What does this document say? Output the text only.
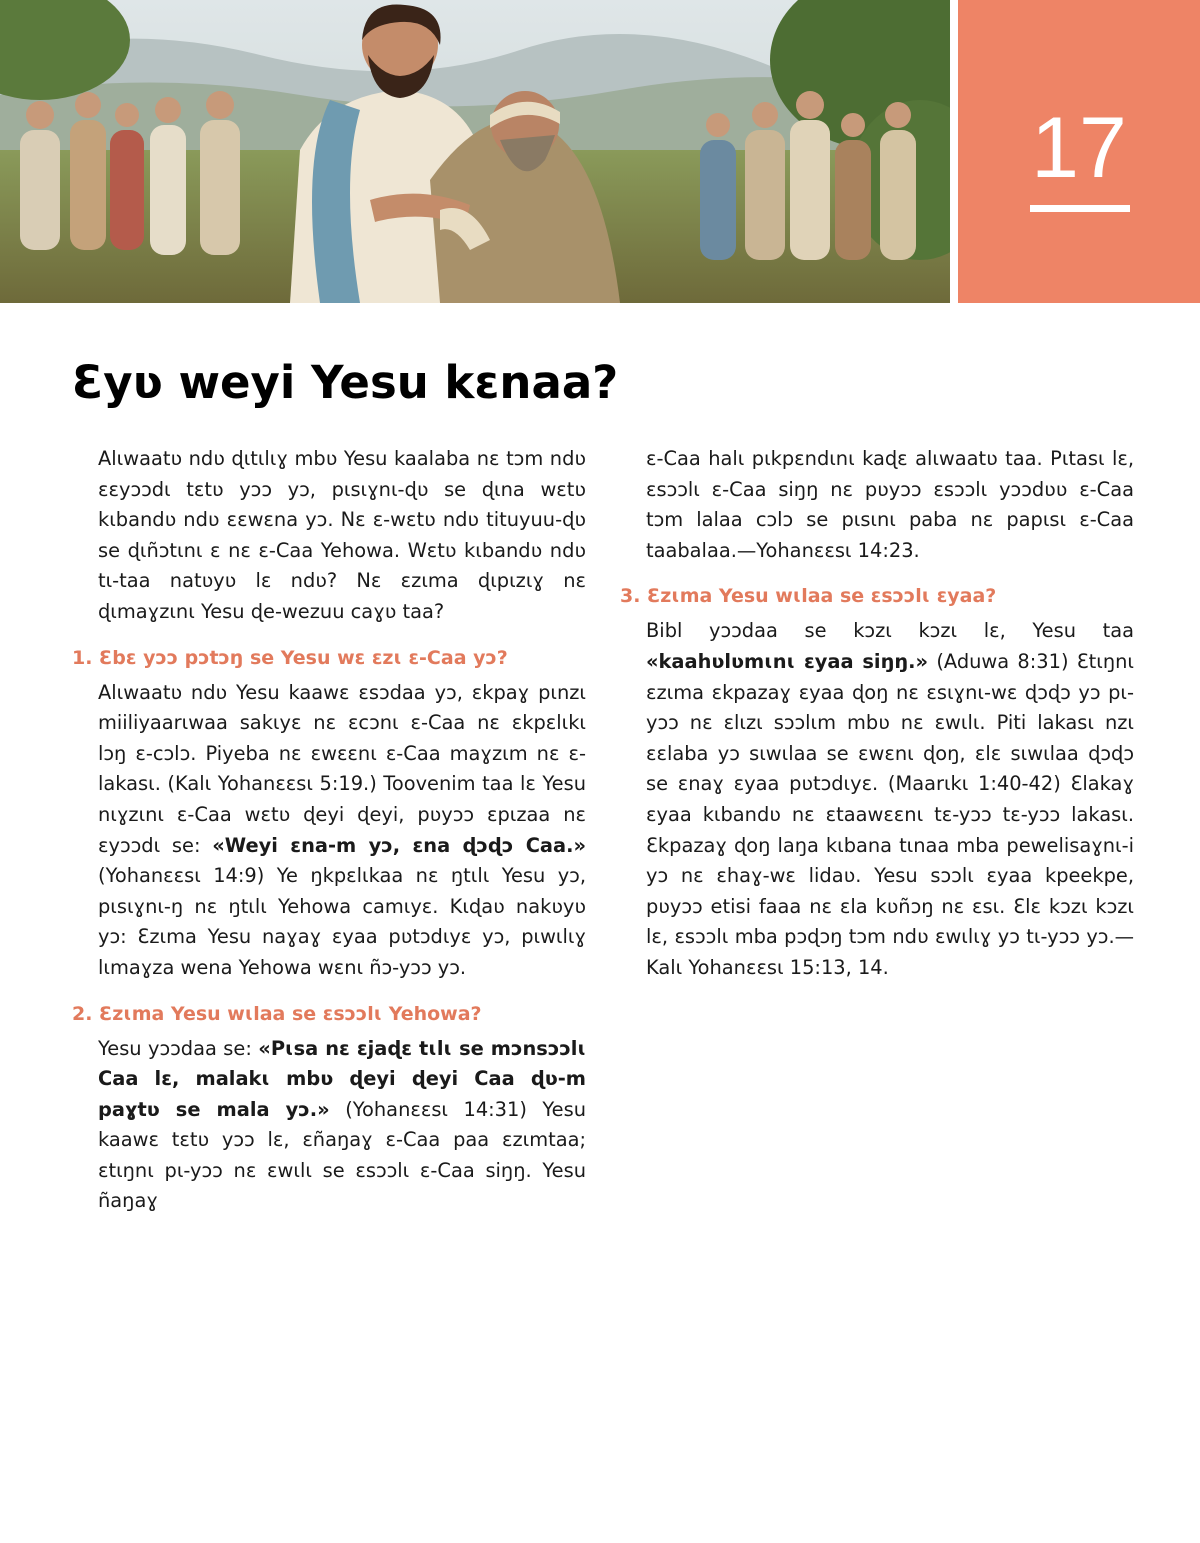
17
Ɛyʋ weyi Yesu kɛnaa?

Alɩwaatʋ ndʋ ɖɩtɩlɩɣ mbʋ Yesu kaalaba nɛ tɔm ndʋ ɛɛyɔɔdɩ tɛtʋ yɔɔ yɔ, pɩsɩɣnɩ-ɖʋ se ɖɩna wɛtʋ kɩbandʋ ndʋ ɛɛwɛna yɔ. Nɛ ɛ-wɛtʋ ndʋ tituyuu-ɖʋ se ɖɩñɔtɩnɩ ɛ nɛ ɛ-Caa Yehowa. Wɛtʋ kɩbandʋ ndʋ tɩ-taa natʋyʋ lɛ ndʋ? Nɛ ɛzɩma ɖɩpɩzɩɣ nɛ ɖɩmaɣzɩnɩ Yesu ɖe-wezuu caɣʋ taa?

1. Ɛbɛ yɔɔ pɔtɔŋ se Yesu wɛ ɛzɩ ɛ-Caa yɔ?

Alɩwaatʋ ndʋ Yesu kaawɛ ɛsɔdaa yɔ, ɛkpaɣ pɩnzɩ miiliyaarɩwaa sakɩyɛ nɛ ɛcɔnɩ ɛ-Caa nɛ ɛkpɛlɩkɩ lɔŋ ɛ-cɔlɔ. Piyeba nɛ ɛwɛɛnɩ ɛ-Caa maɣzɩm nɛ ɛ-lakasɩ. (Kalɩ Yohanɛɛsɩ 5:19.) Toovenim taa lɛ Yesu nɩɣzɩnɩ ɛ-Caa wɛtʋ ɖeyi ɖeyi, pʋyɔɔ ɛpɩzaa nɛ ɛyɔɔdɩ se: «Weyi ɛna-m yɔ, ɛna ɖɔɖɔ Caa.» (Yohanɛɛsɩ 14:9) Ye ŋkpɛlɩkaa nɛ ŋtɩlɩ Yesu yɔ, pɩsɩɣnɩ-ŋ nɛ ŋtɩlɩ Yehowa camɩyɛ. Kɩɖaʋ nakʋyʋ yɔ: Ɛzɩma Yesu naɣaɣ ɛyaa pʋtɔdɩyɛ yɔ, pɩwɩlɩɣ lɩmaɣza wena Yehowa wɛnɩ ñɔ-yɔɔ yɔ.

2. Ɛzɩma Yesu wɩlaa se ɛsɔɔlɩ Yehowa?

Yesu yɔɔdaa se: «Pɩsa nɛ ɛjaɖɛ tɩlɩ se mɔnsɔɔlɩ Caa lɛ, malakɩ mbʋ ɖeyi ɖeyi Caa ɖʋ-m paɣtʋ se mala yɔ.» (Yohanɛɛsɩ 14:31) Yesu kaawɛ tɛtʋ yɔɔ lɛ, ɛñaŋaɣ ɛ-Caa paa ɛzɩmtaa; ɛtɩŋnɩ pɩ-yɔɔ nɛ ɛwɩlɩ se ɛsɔɔlɩ ɛ-Caa siŋŋ. Yesu ñaŋaɣ

ɛ-Caa halɩ pɩkpɛndɩnɩ kaɖɛ alɩwaatʋ taa. Pɩtasɩ lɛ, ɛsɔɔlɩ ɛ-Caa siŋŋ nɛ pʋyɔɔ ɛsɔɔlɩ yɔɔdʋʋ ɛ-Caa tɔm lalaa cɔlɔ se pɩsɩnɩ paba nɛ papɩsɩ ɛ-Caa taabalaa.—Yohanɛɛsɩ 14:23.

3. Ɛzɩma Yesu wɩlaa se ɛsɔɔlɩ ɛyaa?

Bibl yɔɔdaa se kɔzɩ kɔzɩ lɛ, Yesu taa «kaahʋlʋmɩnɩ ɛyaa siŋŋ.» (Aduwa 8:31) Ɛtɩŋnɩ ɛzɩma ɛkpazaɣ ɛyaa ɖoŋ nɛ ɛsɩɣnɩ-wɛ ɖɔɖɔ yɔ pɩ-yɔɔ nɛ ɛlɩzɩ sɔɔlɩm mbʋ nɛ ɛwɩlɩ. Piti lakasɩ nzɩ ɛɛlaba yɔ sɩwɩlaa se ɛwɛnɩ ɖoŋ, ɛlɛ sɩwɩlaa ɖɔɖɔ se ɛnaɣ ɛyaa pʋtɔdɩyɛ. (Maarɩkɩ 1:40-42) Ɛlakaɣ ɛyaa kɩbandʋ nɛ ɛtaawɛɛnɩ tɛ-yɔɔ tɛ-yɔɔ lakasɩ. Ɛkpazaɣ ɖoŋ laŋa kɩbana tɩnaa mba pewelisaɣnɩ-i yɔ nɛ ɛhaɣ-wɛ lidaʋ. Yesu sɔɔlɩ ɛyaa kpeekpe, pʋyɔɔ etisi faaa nɛ ɛla kʋñɔŋ nɛ ɛsɩ. Ɛlɛ kɔzɩ kɔzɩ lɛ, ɛsɔɔlɩ mba pɔɖɔŋ tɔm ndʋ ɛwɩlɩɣ yɔ tɩ-yɔɔ yɔ.—Kalɩ Yohanɛɛsɩ 15:13, 14.
